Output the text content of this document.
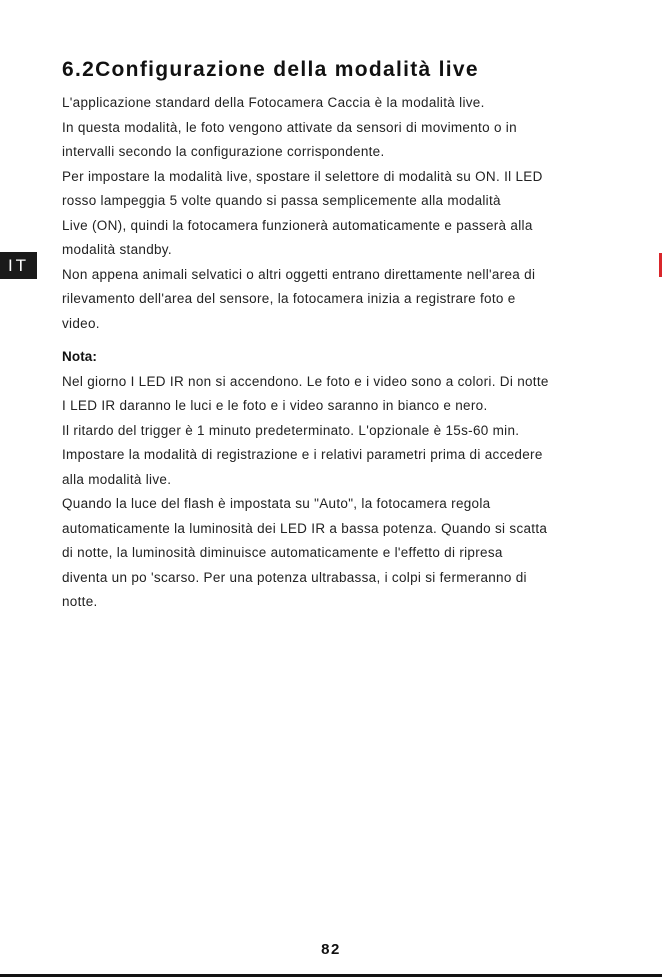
IT
6.2Configurazione della modalità live
L'applicazione standard della Fotocamera Caccia è la modalità live.
In questa modalità, le foto vengono attivate da sensori di movimento o in
intervalli secondo la configurazione corrispondente.
Per impostare la modalità live, spostare il selettore di modalità su ON. Il LED
rosso lampeggia 5 volte quando si passa semplicemente alla modalità
Live (ON), quindi la fotocamera funzionerà automaticamente e passerà alla
modalità standby.
Non appena animali selvatici o altri oggetti entrano direttamente nell'area di
rilevamento dell'area del sensore, la fotocamera inizia a registrare foto e
video.
Nota:
Nel giorno I LED IR non si accendono. Le foto e i video sono a colori. Di notte
I LED IR daranno le luci e le foto e i video saranno in bianco e nero.
Il ritardo del trigger è 1 minuto predeterminato. L'opzionale è 15s-60 min.
Impostare la modalità di registrazione e i relativi parametri prima di accedere
alla modalità live.
Quando la luce del flash è impostata su "Auto", la fotocamera regola
automaticamente la luminosità dei LED IR a bassa potenza. Quando si scatta
di notte, la luminosità diminuisce automaticamente e l'effetto di ripresa
diventa un po 'scarso. Per una potenza ultrabassa, i colpi si fermeranno di
notte.
82
